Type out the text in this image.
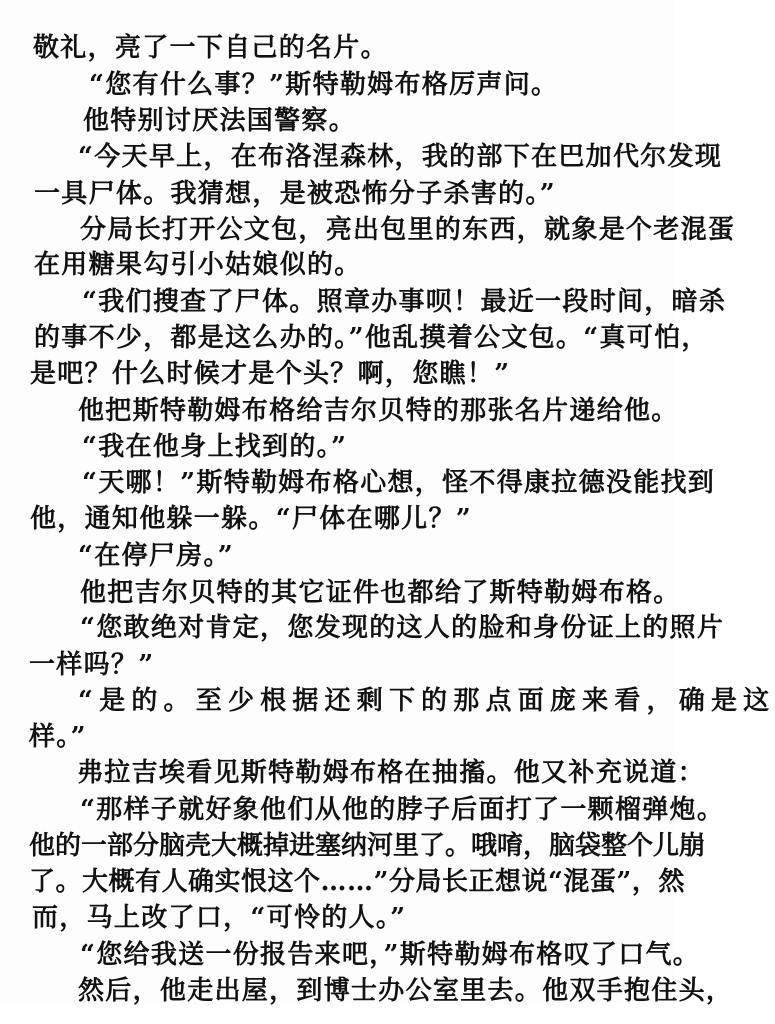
敬礼，亮了一下自己的名片。
“您有什么事？”斯特勒姆布格厉声问。
他特别讨厌法国警察。
“今天早上，在布洛涅森林，我的部下在巴加代尔发现
一具尸体。我猜想，是被恐怖分子杀害的。”
分局长打开公文包，亮出包里的东西，就象是个老混蛋
在用糖果勾引小姑娘似的。
“我们搜查了尸体。照章办事呗！最近一段时间，暗杀
的事不少，都是这么办的。”他乱摸着公文包。“真可怕，
是吧？什么时候才是个头？啊，您瞧！”
他把斯特勒姆布格给吉尔贝特的那张名片递给他。
“我在他身上找到的。”
“天哪！”斯特勒姆布格心想，怪不得康拉德没能找到
他，通知他躲一躲。“尸体在哪儿？”
“在停尸房。”
他把吉尔贝特的其它证件也都给了斯特勒姆布格。
“您敢绝对肯定，您发现的这人的脸和身份证上的照片
一样吗？”
“是的。至少根据还剩下的那点面庞来看，确是这
样。”
弗拉吉埃看见斯特勒姆布格在抽搐。他又补充说道：
“那样子就好象他们从他的脖子后面打了一颗榴弹炮。
他的一部分脑壳大概掉进塞纳河里了。哦唷，脑袋整个儿崩
了。大概有人确实恨这个……”分局长正想说“混蛋”，然
而，马上改了口，“可怜的人。”
“您给我送一份报告来吧，”斯特勒姆布格叹了口气。
然后，他走出屋，到博士办公室里去。他双手抱住头，
